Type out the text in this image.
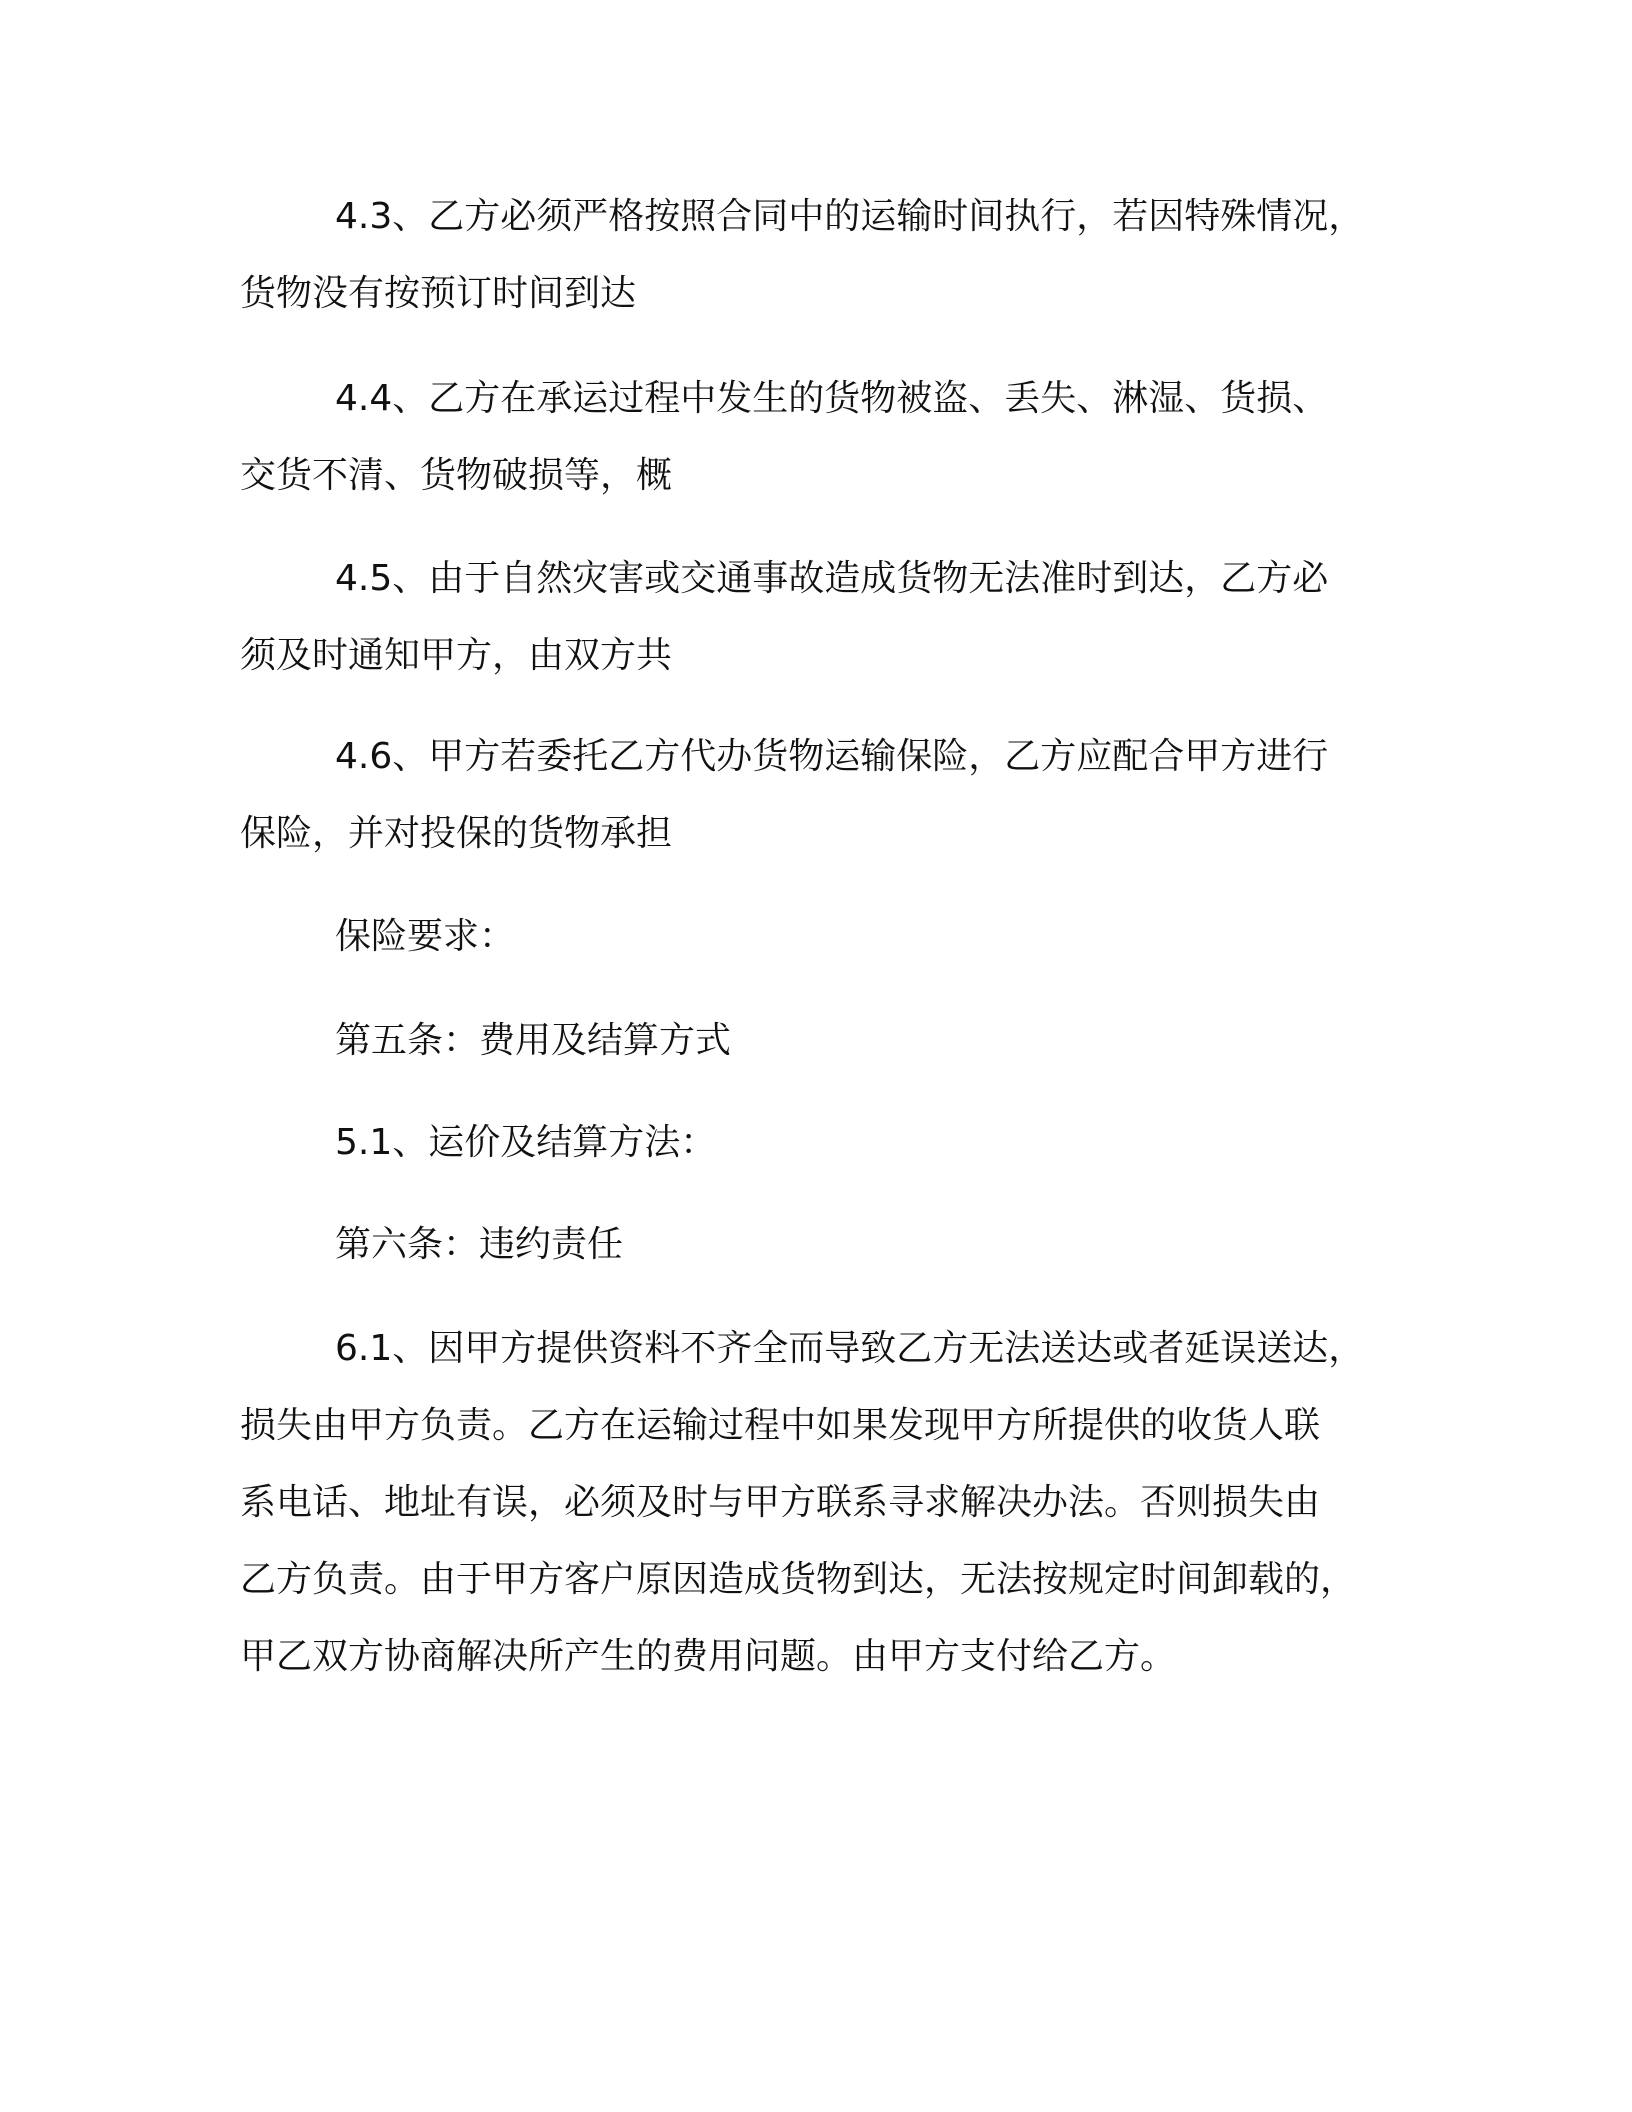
4.3、乙方必须严格按照合同中的运输时间执行，若因特殊情况，
货物没有按预订时间到达
4.4、乙方在承运过程中发生的货物被盗、丢失、淋湿、货损、
交货不清、货物破损等，概
4.5、由于自然灾害或交通事故造成货物无法准时到达，乙方必
须及时通知甲方，由双方共
4.6、甲方若委托乙方代办货物运输保险，乙方应配合甲方进行
保险，并对投保的货物承担
保险要求：
第五条：费用及结算方式
5.1、运价及结算方法：
第六条：违约责任
6.1、因甲方提供资料不齐全而导致乙方无法送达或者延误送达，
损失由甲方负责。乙方在运输过程中如果发现甲方所提供的收货人联
系电话、地址有误，必须及时与甲方联系寻求解决办法。否则损失由
乙方负责。由于甲方客户原因造成货物到达，无法按规定时间卸载的，
甲乙双方协商解决所产生的费用问题。由甲方支付给乙方。
